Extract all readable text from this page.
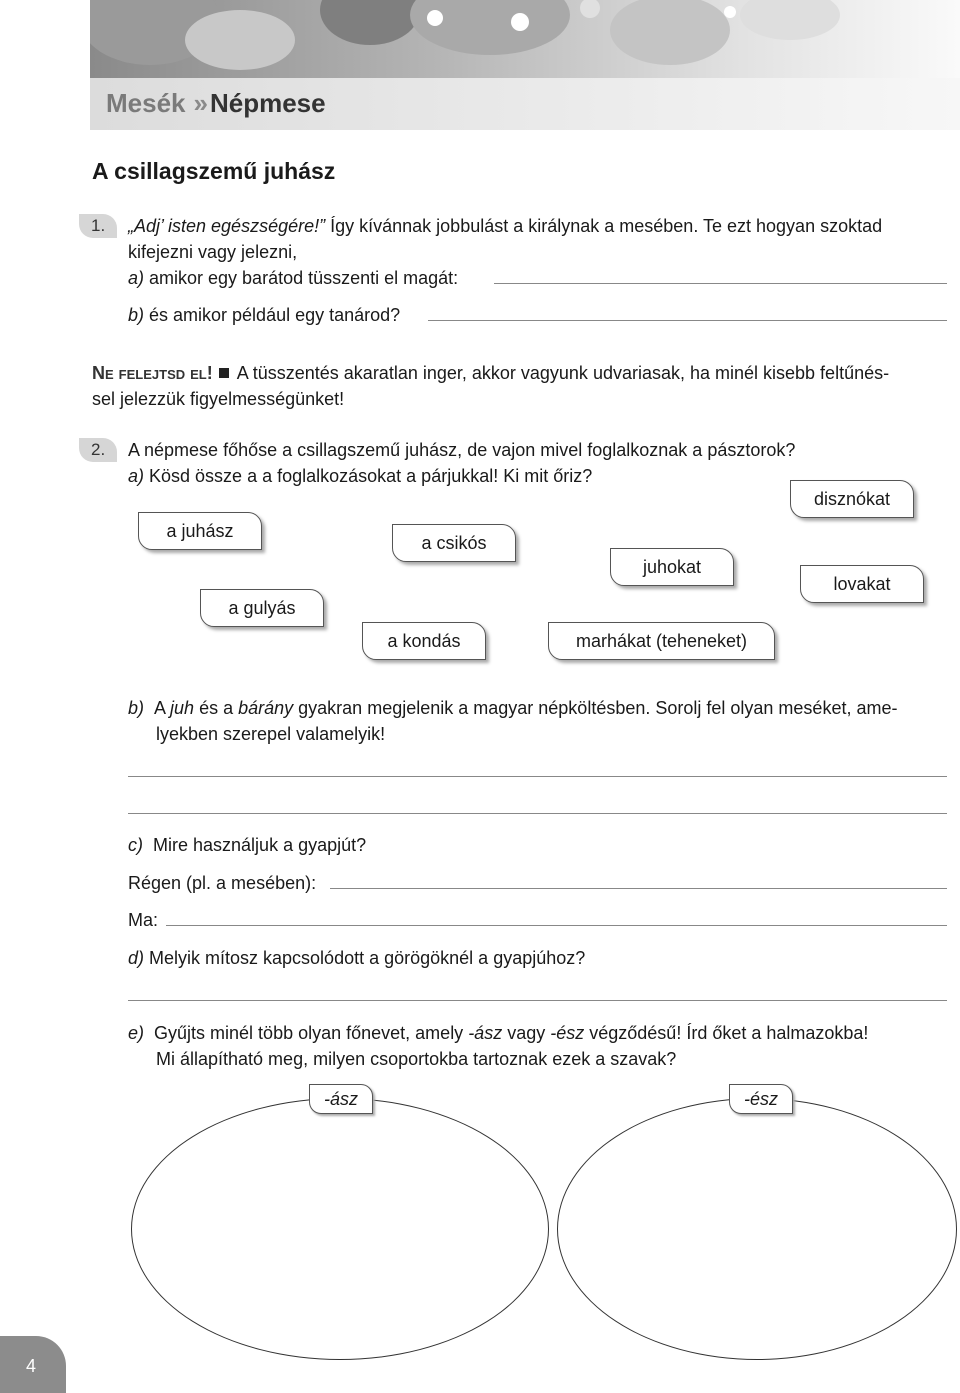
Mesék » Népmese
A csillagszemű juhász
1.	„Adj’ isten egészségére!” Így kívánnak jobbulást a királynak a mesében. Te ezt hogyan szoktad
kifejezni vagy jelezni,
a) amikor egy barátod tüsszenti el magát:
b) és amikor például egy tanárod?
Ne felejtsd el! A tüsszentés akaratlan inger, akkor vagyunk udvariasak, ha minél kisebb feltűnés-
sel jelezzük figyelmességünket!
2.	A népmese főhőse a csillagszemű juhász, de vajon mivel foglalkoznak a pásztorok?
a) Kösd össze a a foglalkozásokat a párjukkal! Ki mit őriz?
disznókat
a juhász
a csikós
juhokat
lovakat
a gulyás
a kondás	marhákat (teheneket)
b) A juh és a bárány gyakran megjelenik a magyar népköltésben. Sorolj fel olyan meséket, ame-
lyekben szerepel valamelyik!
c) Mire használjuk a gyapjút?
Régen (pl. a mesében):
Ma:
d) Melyik mítosz kapcsolódott a görögöknél a gyapjúhoz?
e) Gyűjts minél több olyan főnevet, amely -ász vagy -ész végződésű! Írd őket a halmazokba!
Mi állapítható meg, milyen csoportokba tartoznak ezek a szavak?
-ász	-ész
4
